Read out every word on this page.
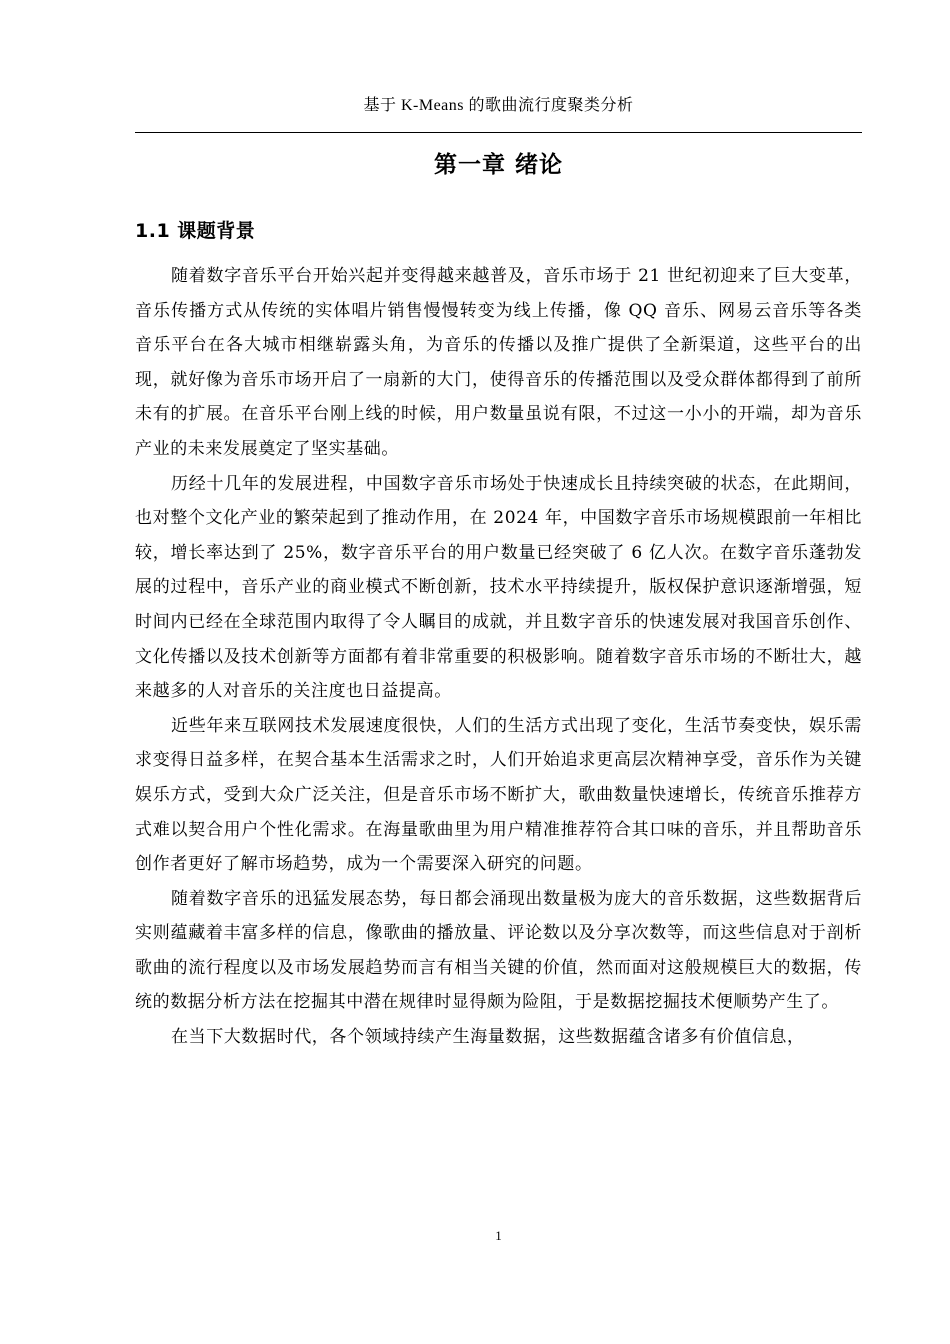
基于 K-Means 的歌曲流行度聚类分析
第一章 绪论
1.1 课题背景

随着数字音乐平台开始兴起并变得越来越普及，音乐市场于 21 世纪初迎来了巨大变革，音乐传播方式从传统的实体唱片销售慢慢转变为线上传播，像 QQ 音乐、网易云音乐等各类音乐平台在各大城市相继崭露头角，为音乐的传播以及推广提供了全新渠道，这些平台的出现，就好像为音乐市场开启了一扇新的大门，使得音乐的传播范围以及受众群体都得到了前所未有的扩展。在音乐平台刚上线的时候，用户数量虽说有限，不过这一小小的开端，却为音乐产业的未来发展奠定了坚实基础。

历经十几年的发展进程，中国数字音乐市场处于快速成长且持续突破的状态，在此期间，也对整个文化产业的繁荣起到了推动作用，在 2024 年，中国数字音乐市场规模跟前一年相比较，增长率达到了 25%，数字音乐平台的用户数量已经突破了 6 亿人次。在数字音乐蓬勃发展的过程中，音乐产业的商业模式不断创新，技术水平持续提升，版权保护意识逐渐增强，短时间内已经在全球范围内取得了令人瞩目的成就，并且数字音乐的快速发展对我国音乐创作、文化传播以及技术创新等方面都有着非常重要的积极影响。随着数字音乐市场的不断壮大，越来越多的人对音乐的关注度也日益提高。

近些年来互联网技术发展速度很快，人们的生活方式出现了变化，生活节奏变快，娱乐需求变得日益多样，在契合基本生活需求之时，人们开始追求更高层次精神享受，音乐作为关键娱乐方式，受到大众广泛关注，但是音乐市场不断扩大，歌曲数量快速增长，传统音乐推荐方式难以契合用户个性化需求。在海量歌曲里为用户精准推荐符合其口味的音乐，并且帮助音乐创作者更好了解市场趋势，成为一个需要深入研究的问题。

随着数字音乐的迅猛发展态势，每日都会涌现出数量极为庞大的音乐数据，这些数据背后实则蕴藏着丰富多样的信息，像歌曲的播放量、评论数以及分享次数等，而这些信息对于剖析歌曲的流行程度以及市场发展趋势而言有相当关键的价值，然而面对这般规模巨大的数据，传统的数据分析方法在挖掘其中潜在规律时显得颇为险阻，于是数据挖掘技术便顺势产生了。

在当下大数据时代，各个领域持续产生海量数据，这些数据蕴含诸多有价值信息，

1
